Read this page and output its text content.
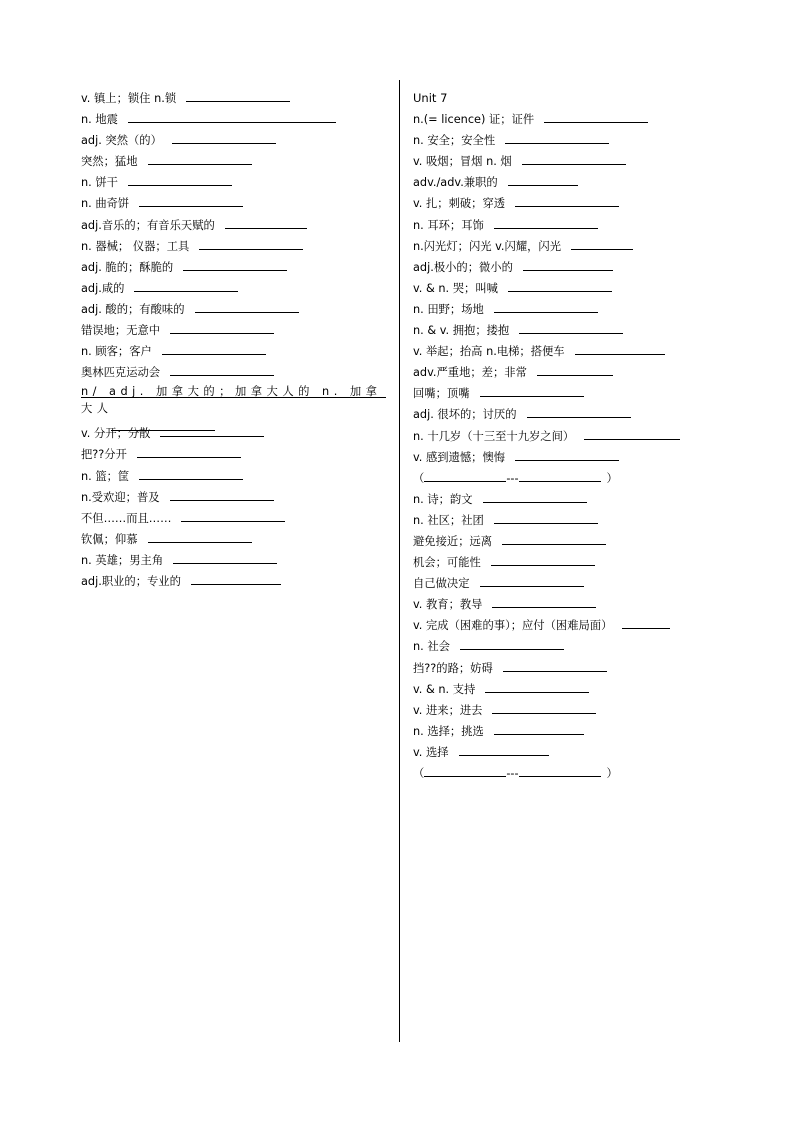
v. 镇上；锁住 n.锁
n. 地震
adj. 突然（的）
突然；猛地
n. 饼干
n. 曲奇饼
adj.音乐的；有音乐天赋的
n. 器械； 仪器；工具
adj. 脆的；酥脆的
adj.咸的
adj. 酸的；有酸味的
错误地；无意中
n. 顾客；客户
奥林匹克运动会
n/ adj. 加拿大的；加拿大人的 n. 加拿大人

v. 分开；分散
把??分开
n. 篮；筐
n.受欢迎；普及
不但……而且……
钦佩；仰慕
n. 英雄；男主角
adj.职业的；专业的
Unit 7
n.(= licence) 证；证件
n. 安全；安全性
v. 吸烟；冒烟 n. 烟
adv./adv.兼职的
v. 扎；刺破；穿透
n. 耳环；耳饰
n.闪光灯；闪光 v.闪耀，闪光
adj.极小的；微小的
v. & n. 哭；叫喊
n. 田野；场地
n. & v. 拥抱；搂抱
v. 举起；抬高 n.电梯；搭便车
adv.严重地；差；非常
回嘴；顶嘴
adj. 很坏的；讨厌的
n. 十几岁（十三至十九岁之间）
v. 感到遗憾；懊悔
（	---	）
n. 诗；韵文
n. 社区；社团
避免接近；远离
机会；可能性
自己做决定
v. 教育；教导
v. 完成（困难的事）；应付（困难局面）
n. 社会
挡??的路；妨碍
v. & n. 支持
v. 进来；进去
n. 选择；挑选
v. 选择
（	---	）
